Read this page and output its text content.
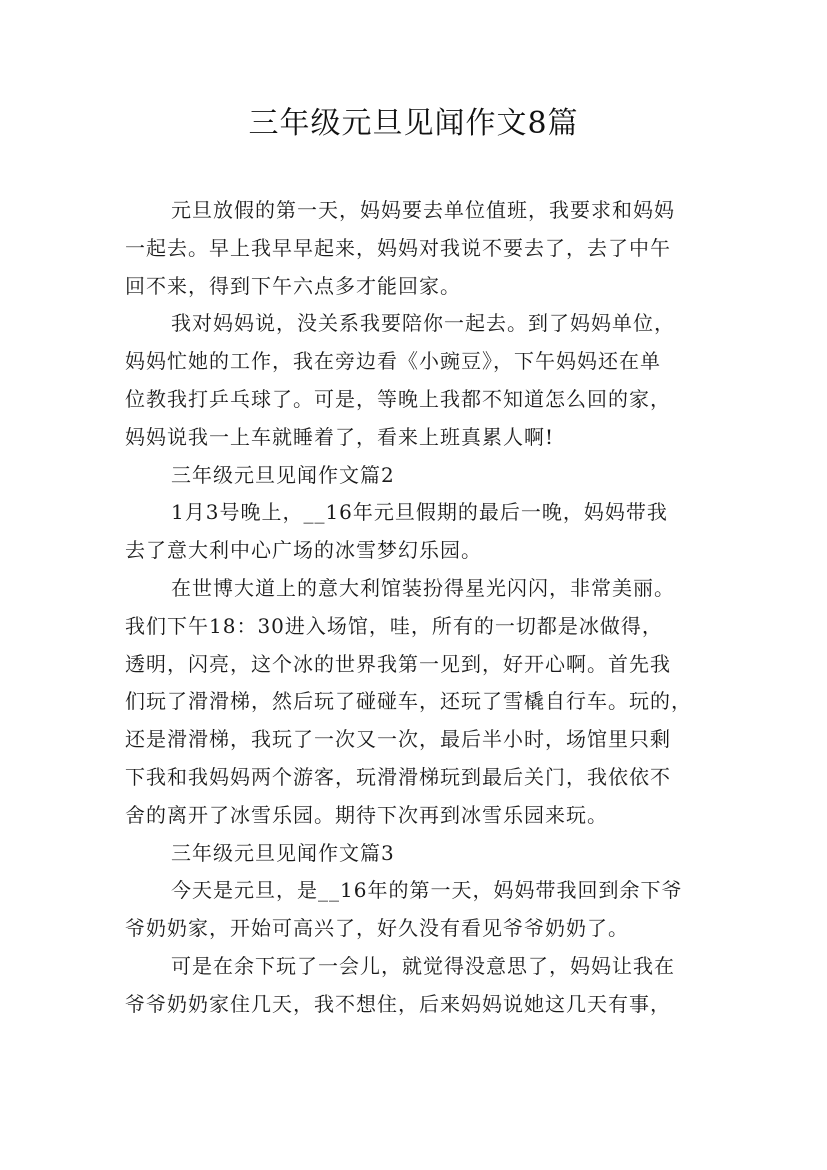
三年级元旦见闻作文8篇
元旦放假的第一天，妈妈要去单位值班，我要求和妈妈
一起去。早上我早早起来，妈妈对我说不要去了，去了中午
回不来，得到下午六点多才能回家。
我对妈妈说，没关系我要陪你一起去。到了妈妈单位，
妈妈忙她的工作，我在旁边看《小豌豆》，下午妈妈还在单
位教我打乒乓球了。可是，等晚上我都不知道怎么回的家，
妈妈说我一上车就睡着了，看来上班真累人啊!
三年级元旦见闻作文篇2
1月3号晚上，__16年元旦假期的最后一晚，妈妈带我
去了意大利中心广场的冰雪梦幻乐园。
在世博大道上的意大利馆装扮得星光闪闪，非常美丽。
我们下午18：30进入场馆，哇，所有的一切都是冰做得，
透明，闪亮，这个冰的世界我第一见到，好开心啊。首先我
们玩了滑滑梯，然后玩了碰碰车，还玩了雪橇自行车。玩的，
还是滑滑梯，我玩了一次又一次，最后半小时，场馆里只剩
下我和我妈妈两个游客，玩滑滑梯玩到最后关门，我依依不
舍的离开了冰雪乐园。期待下次再到冰雪乐园来玩。
三年级元旦见闻作文篇3
今天是元旦，是__16年的第一天，妈妈带我回到余下爷
爷奶奶家，开始可高兴了，好久没有看见爷爷奶奶了。
可是在余下玩了一会儿，就觉得没意思了，妈妈让我在
爷爷奶奶家住几天，我不想住，后来妈妈说她这几天有事，
